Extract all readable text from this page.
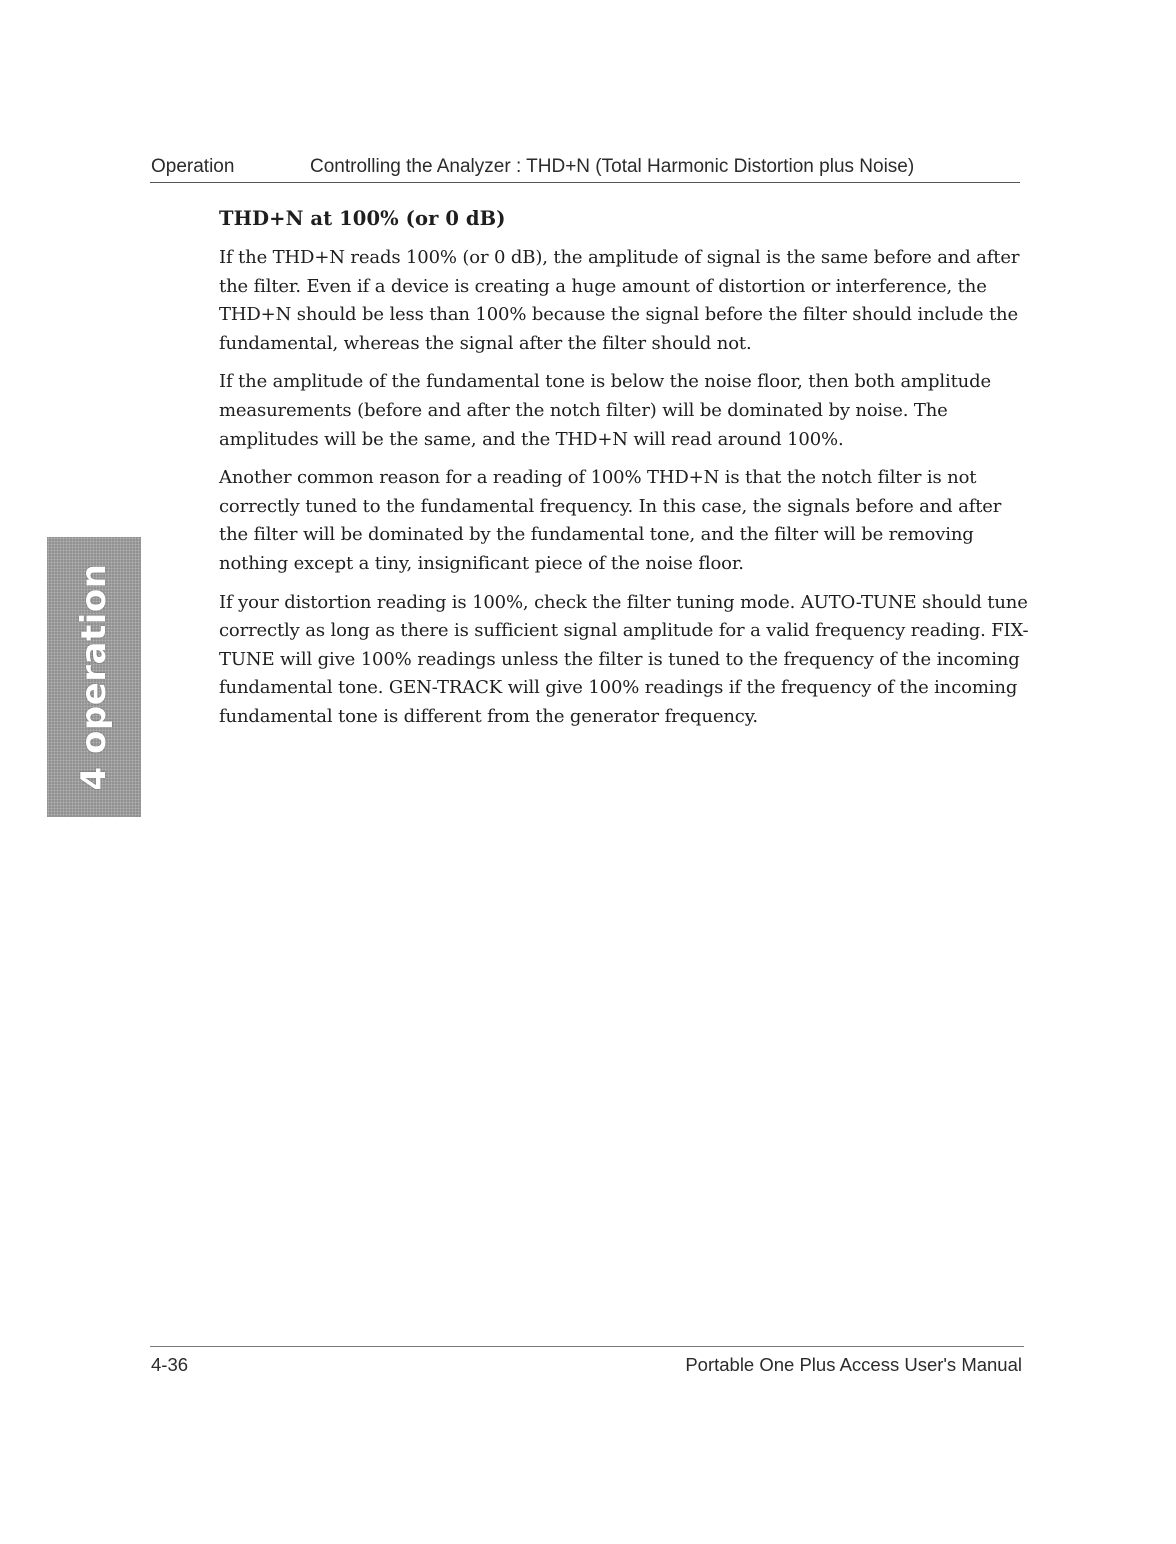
Operation	Controlling the Analyzer : THD+N (Total Harmonic Distortion plus Noise)
4 operation
THD+N at 100% (or 0 dB)

If the THD+N reads 100% (or 0 dB), the amplitude of signal is the same before and after the filter. Even if a device is creating a huge amount of distortion or interference, the THD+N should be less than 100% because the signal before the filter should include the fundamental, whereas the signal after the filter should not.

If the amplitude of the fundamental tone is below the noise floor, then both amplitude measurements (before and after the notch filter) will be dominated by noise. The amplitudes will be the same, and the THD+N will read around 100%.

Another common reason for a reading of 100% THD+N is that the notch filter is not correctly tuned to the fundamental frequency. In this case, the signals before and after the filter will be dominated by the fundamental tone, and the filter will be removing nothing except a tiny, insignificant piece of the noise floor.

If your distortion reading is 100%, check the filter tuning mode. AUTO-TUNE should tune correctly as long as there is sufficient signal amplitude for a valid frequency reading. FIX-TUNE will give 100% readings unless the filter is tuned to the frequency of the incoming fundamental tone. GEN-TRACK will give 100% readings if the frequency of the incoming fundamental tone is different from the generator frequency.

4-36	Portable One Plus Access User's Manual
